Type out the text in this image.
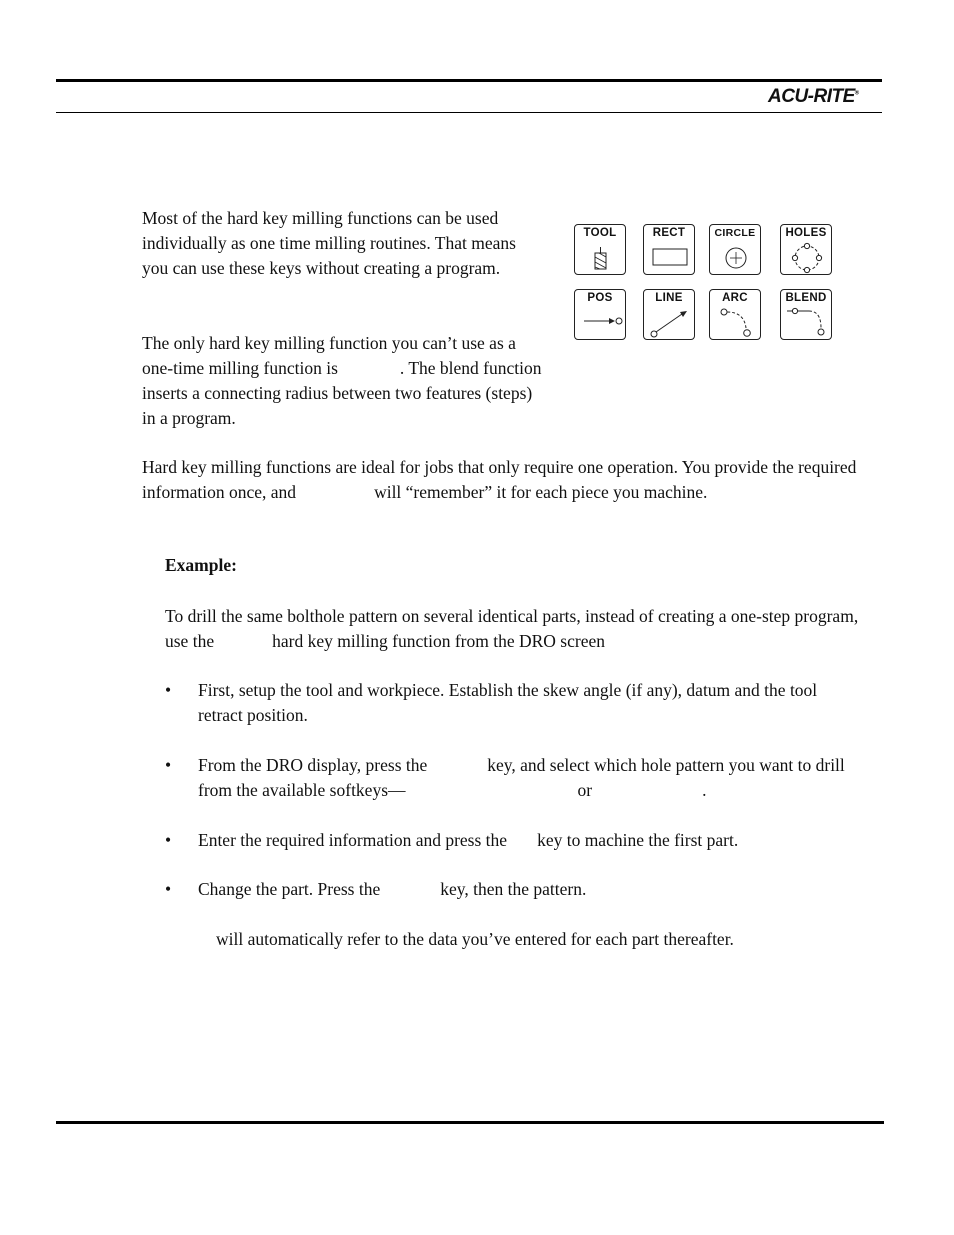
ACU-RITE®

Most of the hard key milling functions can be used individually as one time milling routines. That means you can use these keys without creating a program.

The only hard key milling function you can’t use as a one-time milling function is	. The blend function inserts a connecting radius between two features (steps) in a program.

TOOL	RECT	CIRCLE	HOLES
POS	LINE	ARC	BLEND

Hard key milling functions are ideal for jobs that only require one operation. You provide the required information once, and	will “remember” it for each piece you machine.

Example:

To drill the same bolthole pattern on several identical parts, instead of creating a one-step program, use the	hard key milling function from the DRO screen

• First, setup the tool and workpiece. Establish the skew angle (if any), datum and the tool retract position.

• From the DRO display, press the	key, and select which hole pattern you want to drill from the available softkeys—	or	.

• Enter the required information and press the key to machine the first part.

• Change the part. Press the	key, then the pattern.

will automatically refer to the data you’ve entered for each part thereafter.
